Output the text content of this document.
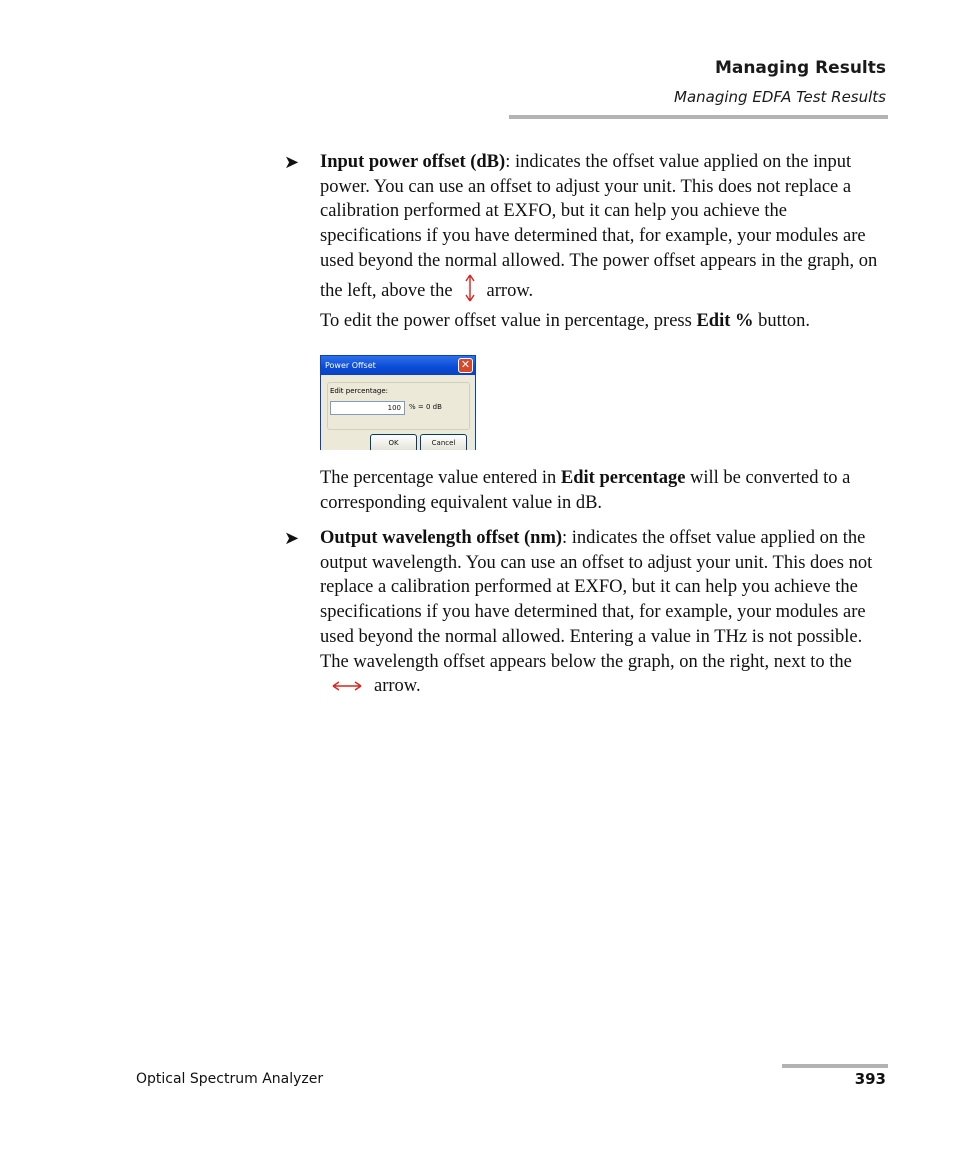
Managing Results
Managing EDFA Test Results
➤ Input power offset (dB): indicates the offset value applied on the input power. You can use an offset to adjust your unit. This does not replace a calibration performed at EXFO, but it can help you achieve the specifications if you have determined that, for example, your modules are used beyond the normal allowed. The power offset appears in the graph, on the left, above the arrow.
To edit the power offset value in percentage, press Edit % button.
Power Offset	✕
Edit percentage:
100	% = 0 dB
OK	Cancel
The percentage value entered in Edit percentage will be converted to a corresponding equivalent value in dB.
➤ Output wavelength offset (nm): indicates the offset value applied on the output wavelength. You can use an offset to adjust your unit. This does not replace a calibration performed at EXFO, but it can help you achieve the specifications if you have determined that, for example, your modules are used beyond the normal allowed. Entering a value in THz is not possible. The wavelength offset appears below the graph, on the right, next to thearrow.
Optical Spectrum Analyzer	393
